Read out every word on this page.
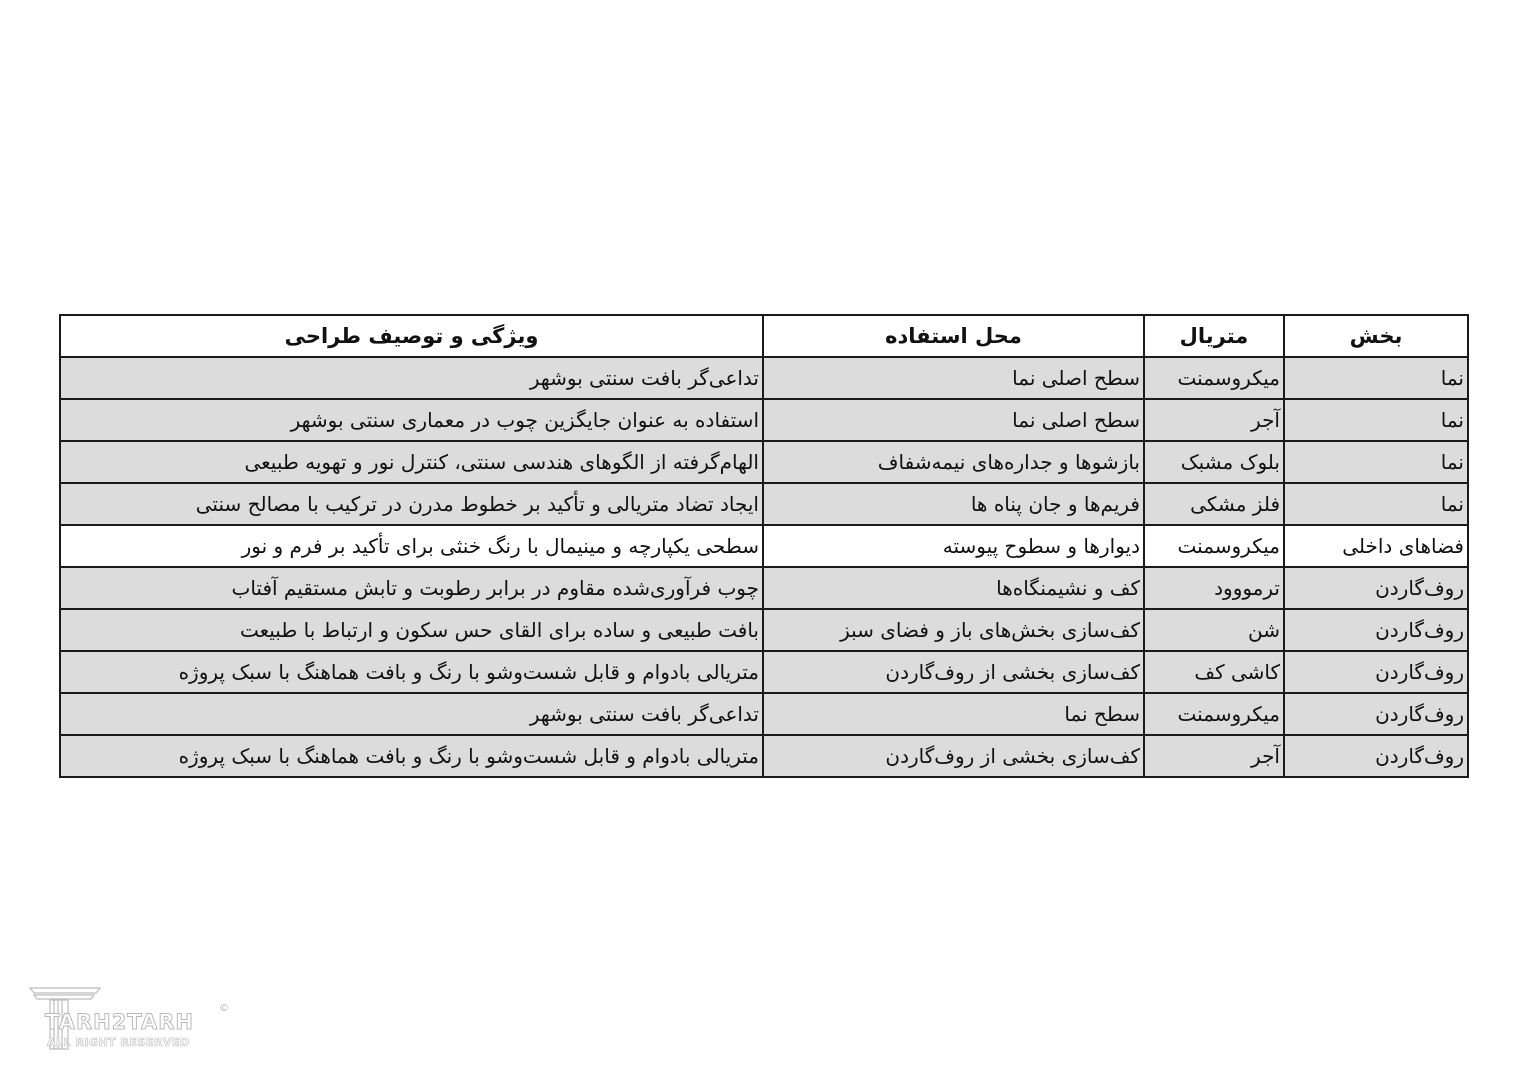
بخش	متریال	محل استفاده	ویژگی و توصیف طراحی
نما	میکروسمنت	سطح اصلی نما	تداعی‌گر بافت سنتی بوشهر
نما	آجر	سطح اصلی نما	استفاده به عنوان جایگزین چوب در معماری سنتی بوشهر
نما	بلوک مشبک	بازشوها و جداره‌های نیمه‌شفاف	الهام‌گرفته از الگوهای هندسی سنتی، کنترل نور و تهویه طبیعی
نما	فلز مشکی	فریم‌ها و جان پناه ها	ایجاد تضاد متریالی و تأکید بر خطوط مدرن در ترکیب با مصالح سنتی
فضاهای داخلی	میکروسمنت	دیوارها و سطوح پیوسته	سطحی یکپارچه و مینیمال با رنگ خنثی برای تأکید بر فرم و نور
روف‌گاردن	ترمووود	کف و نشیمنگاه‌ها	چوب فرآوری‌شده مقاوم در برابر رطوبت و تابش مستقیم آفتاب
روف‌گاردن	شن	کف‌سازی بخش‌های باز و فضای سبز	بافت طبیعی و ساده برای القای حس سکون و ارتباط با طبیعت
روف‌گاردن	کاشی کف	کف‌سازی بخشی از روف‌گاردن	متریالی بادوام و قابل شست‌وشو با رنگ و بافت هماهنگ با سبک پروژه
روف‌گاردن	میکروسمنت	سطح نما	تداعی‌گر بافت سنتی بوشهر
روف‌گاردن	آجر	کف‌سازی بخشی از روف‌گاردن	متریالی بادوام و قابل شست‌وشو با رنگ و بافت هماهنگ با سبک پروژه
TARH2TARH
ALL RIGHT RESERVED
©
